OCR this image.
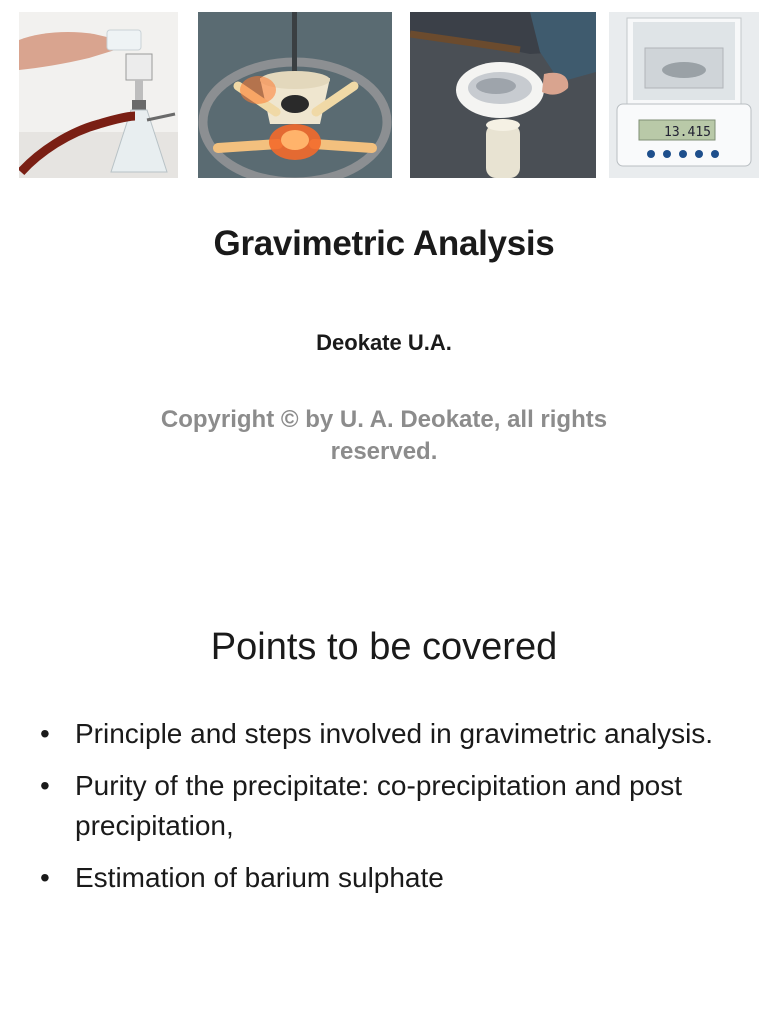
13.415
Gravimetric Analysis
Deokate U.A.
Copyright © by U. A. Deokate, all rights reserved.
Points to be covered
• Principle and steps involved in gravimetric analysis.
• Purity of the precipitate: co-precipitation and post precipitation,
• Estimation of barium sulphate
